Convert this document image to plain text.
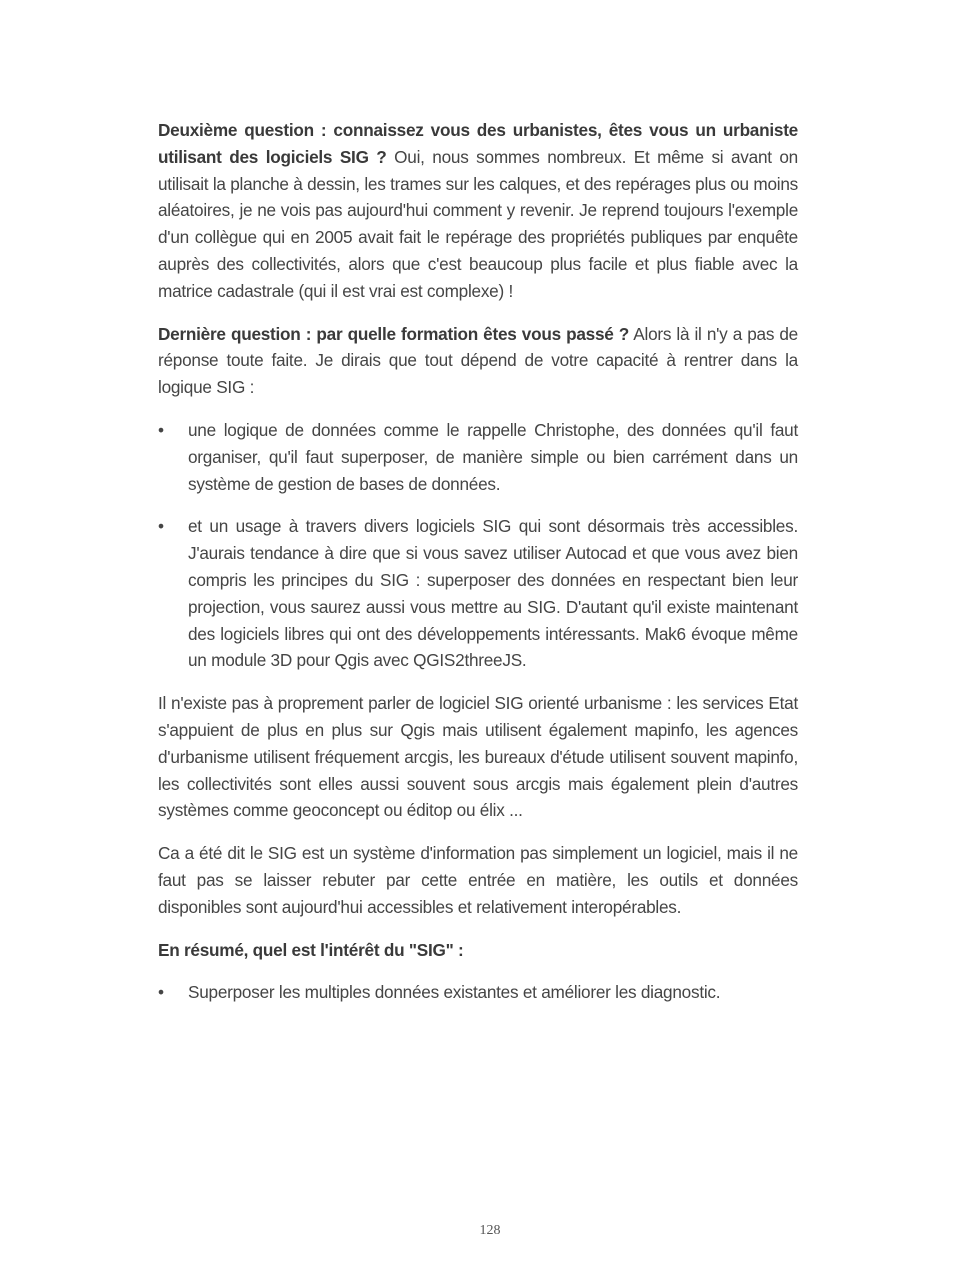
Deuxième question : connaissez vous des urbanistes, êtes vous un urbaniste utilisant des logiciels SIG ? Oui, nous sommes nombreux. Et même si avant on utilisait la planche à dessin, les trames sur les calques, et des repérages plus ou moins aléatoires, je ne vois pas aujourd'hui comment y revenir. Je reprend toujours l'exemple d'un collègue qui en 2005 avait fait le repérage des propriétés publiques par enquête auprès des collectivités, alors que c'est beaucoup plus facile et plus fiable avec la matrice cadastrale (qui il est vrai est complexe) !

Dernière question : par quelle formation êtes vous passé ? Alors là il n'y a pas de réponse toute faite. Je dirais que tout dépend de votre capacité à rentrer dans la logique SIG :

• une logique de données comme le rappelle Christophe, des données qu'il faut organiser, qu'il faut superposer, de manière simple ou bien carrément dans un système de gestion de bases de données.
• et un usage à travers divers logiciels SIG qui sont désormais très accessibles. J'aurais tendance à dire que si vous savez utiliser Autocad et que vous avez bien compris les principes du SIG : superposer des données en respectant bien leur projection, vous saurez aussi vous mettre au SIG. D'autant qu'il existe maintenant des logiciels libres qui ont des développements intéressants. Mak6 évoque même un module 3D pour Qgis avec QGIS2threeJS.

Il n'existe pas à proprement parler de logiciel SIG orienté urbanisme : les services Etat s'appuient de plus en plus sur Qgis mais utilisent également mapinfo, les agences d'urbanisme utilisent fréquement arcgis, les bureaux d'étude utilisent souvent mapinfo, les collectivités sont elles aussi souvent sous arcgis mais également plein d'autres systèmes comme geoconcept ou éditop ou élix ...

Ca a été dit le SIG est un système d'information pas simplement un logiciel, mais il ne faut pas se laisser rebuter par cette entrée en matière, les outils et données disponibles sont aujourd'hui accessibles et relativement interopérables.

En résumé, quel est l'intérêt du "SIG" :

• Superposer les multiples données existantes et améliorer les diagnostic.
128
